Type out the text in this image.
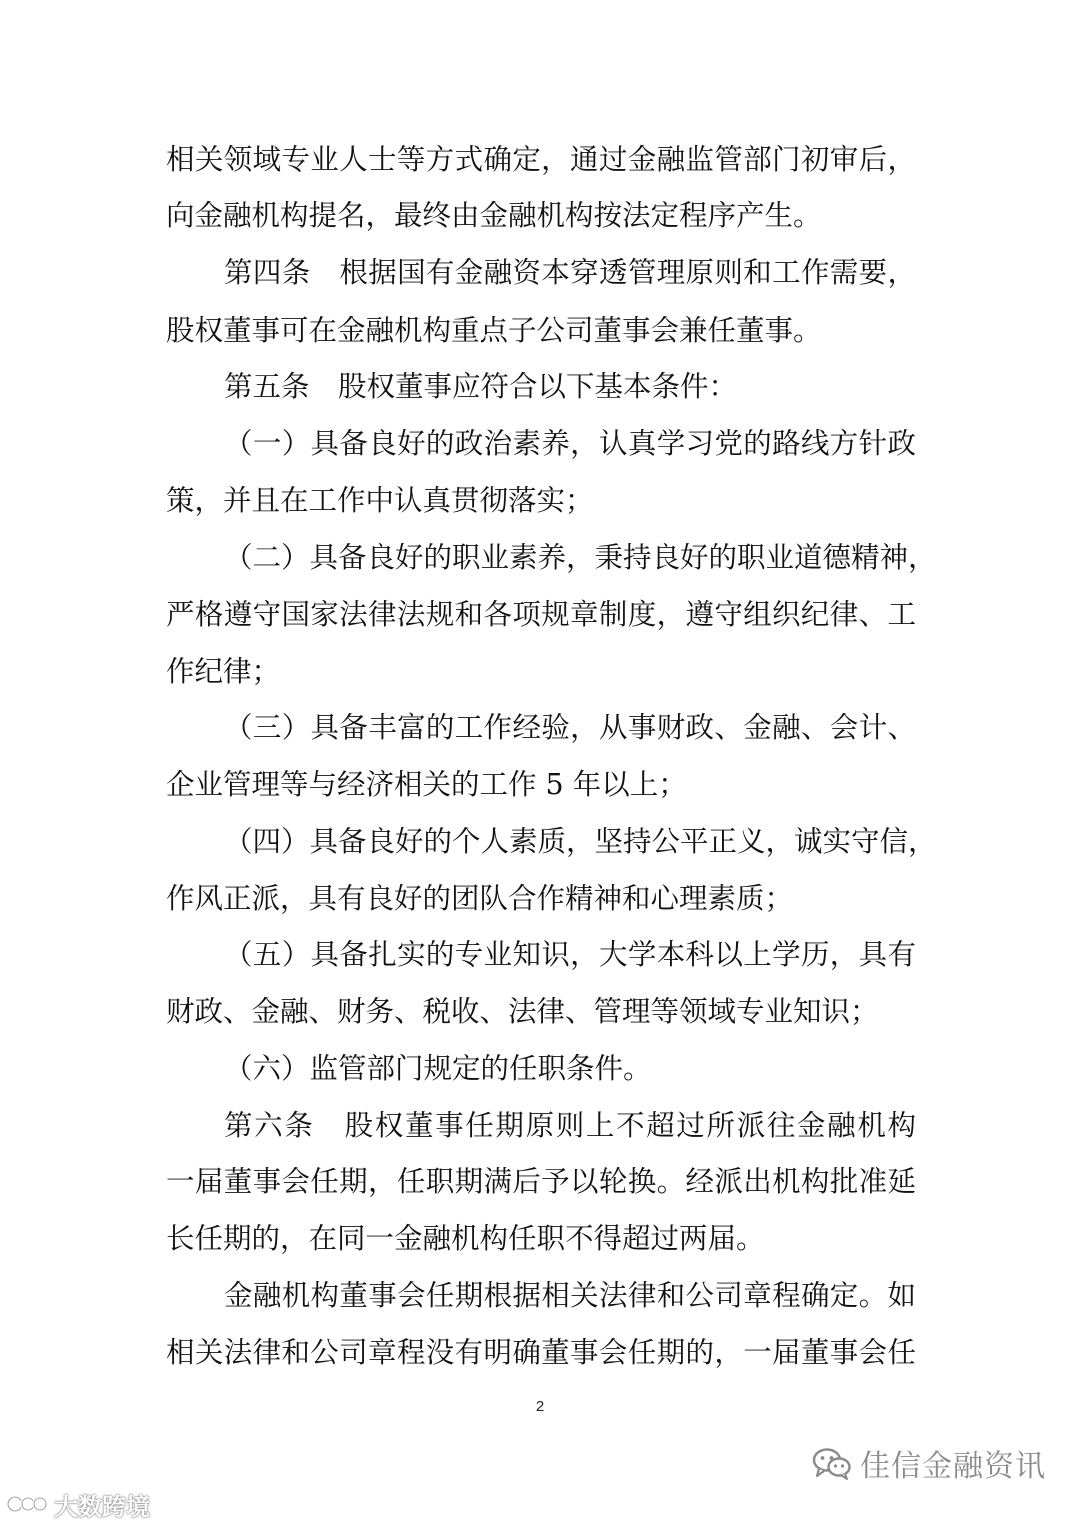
相关领域专业人士等方式确定，通过金融监管部门初审后，
向金融机构提名，最终由金融机构按法定程序产生。
第四条　根据国有金融资本穿透管理原则和工作需要，
股权董事可在金融机构重点子公司董事会兼任董事。
第五条　股权董事应符合以下基本条件：
（一）具备良好的政治素养，认真学习党的路线方针政
策，并且在工作中认真贯彻落实；
（二）具备良好的职业素养，秉持良好的职业道德精神，
严格遵守国家法律法规和各项规章制度，遵守组织纪律、工
作纪律；
（三）具备丰富的工作经验，从事财政、金融、会计、
企业管理等与经济相关的工作 5 年以上；
（四）具备良好的个人素质，坚持公平正义，诚实守信，
作风正派，具有良好的团队合作精神和心理素质；
（五）具备扎实的专业知识，大学本科以上学历，具有
财政、金融、财务、税收、法律、管理等领域专业知识；
（六）监管部门规定的任职条件。
第六条　股权董事任期原则上不超过所派往金融机构
一届董事会任期，任职期满后予以轮换。经派出机构批准延
长任期的，在同一金融机构任职不得超过两届。
金融机构董事会任期根据相关法律和公司章程确定。如
相关法律和公司章程没有明确董事会任期的，一届董事会任
2
佳信金融资讯
大数跨境
